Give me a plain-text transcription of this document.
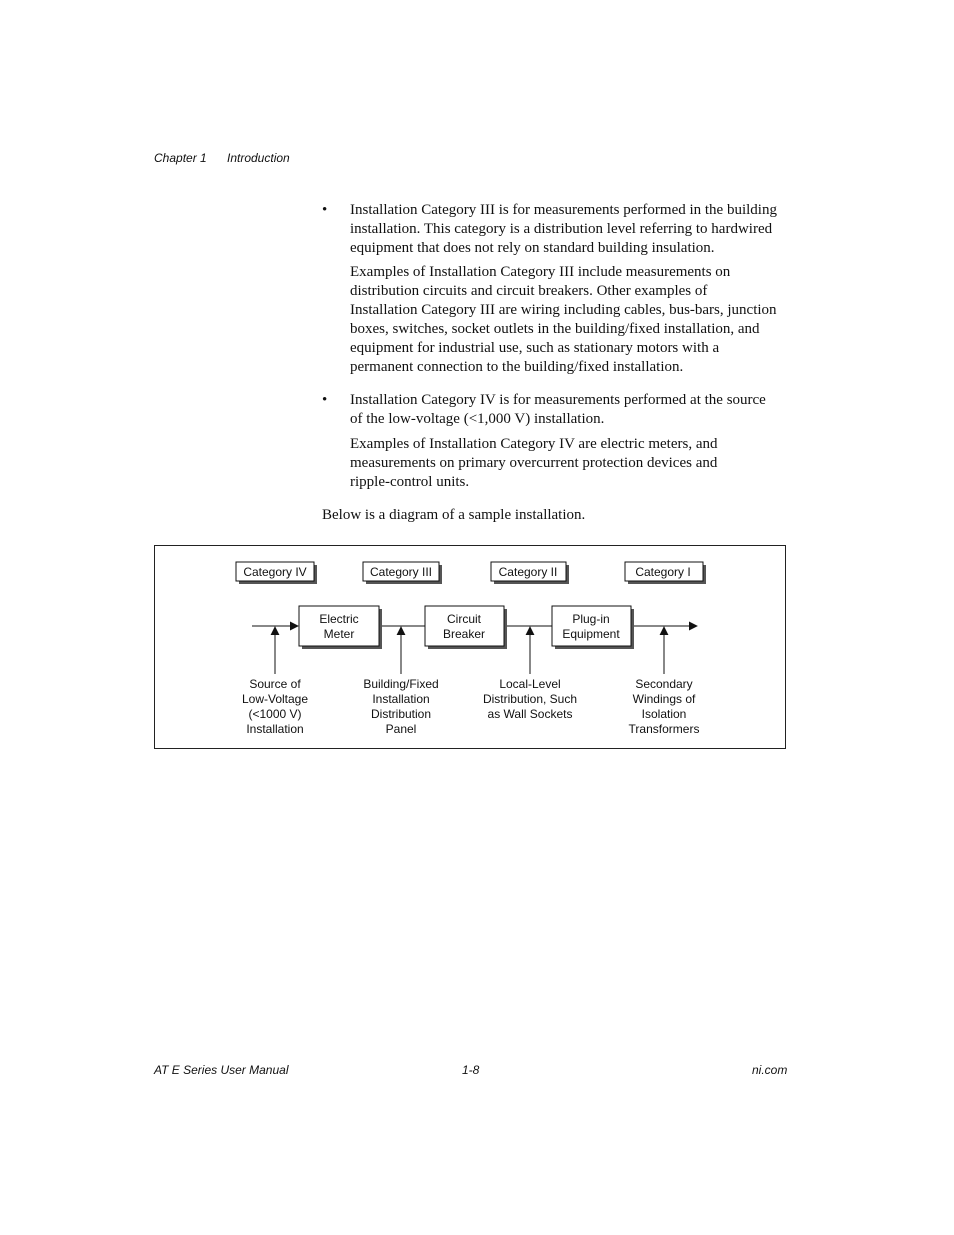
Chapter 1 Introduction
• Installation Category III is for measurements performed in the building
installation. This category is a distribution level referring to hardwired
equipment that does not rely on standard building insulation.

Examples of Installation Category III include measurements on
distribution circuits and circuit breakers. Other examples of
Installation Category III are wiring including cables, bus-bars, junction
boxes, switches, socket outlets in the building/fixed installation, and
equipment for industrial use, such as stationary motors with a
permanent connection to the building/fixed installation.

• Installation Category IV is for measurements performed at the source
of the low-voltage (<1,000 V) installation.

Examples of Installation Category IV are electric meters, and
measurements on primary overcurrent protection devices and
ripple-control units.

Below is a diagram of a sample installation.

Category IV	Category III	Category II	Category I
Electric
Meter
Circuit
Breaker
Plug-in
Equipment
Source of
Low-Voltage
(<1000 V)
Installation
Building/Fixed
Installation
Distribution
Panel
Local-Level
Distribution, Such
as Wall Sockets
Secondary
Windings of
Isolation
Transformers
AT E Series User Manual	1-8	ni.com
